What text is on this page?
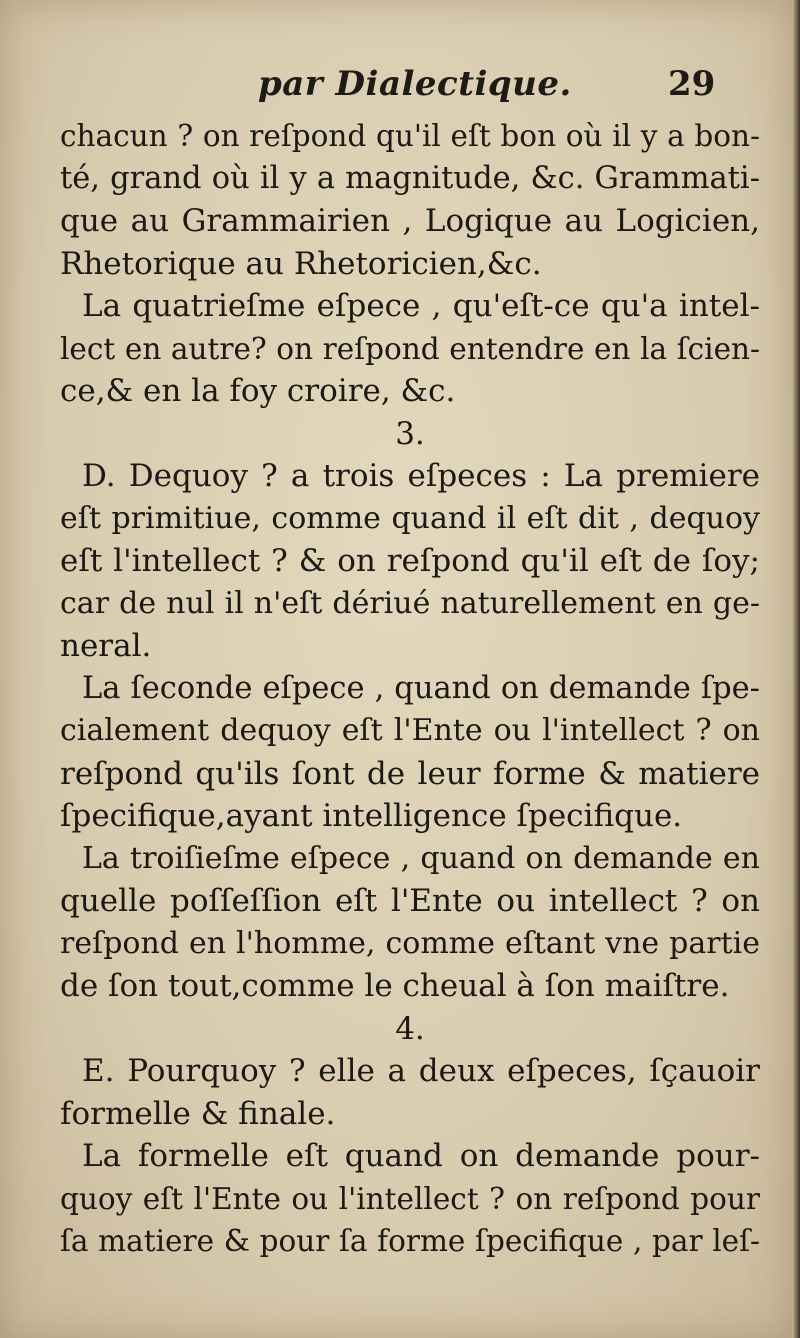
par Dialectique.	29
chacun ? on reſpond qu'il eſt bon où il y a bon-
té, grand où il y a magnitude, &c. Grammati-
que au Grammairien , Logique au Logicien,
Rhetorique au Rhetoricien,&c.
La quatrieſme eſpece , qu'eſt-ce qu'a intel-
lect en autre? on reſpond entendre en la ſcien-
ce,& en la foy croire, &c.
3.
D. Dequoy ? a trois eſpeces : La premiere
eſt primitiue, comme quand il eſt dit , dequoy
eſt l'intellect ? & on reſpond qu'il eſt de ſoy;
car de nul il n'eſt dériué naturellement en ge-
neral.
La ſeconde eſpece , quand on demande ſpe-
cialement dequoy eſt l'Ente ou l'intellect ? on
reſpond qu'ils ſont de leur forme & matiere
ſpecifique,ayant intelligence ſpecifique.
La troiſieſme eſpece , quand on demande en
quelle poſſeſſion eſt l'Ente ou intellect ? on
reſpond en l'homme, comme eſtant vne partie
de ſon tout,comme le cheual à ſon maiſtre.
4.
E. Pourquoy ? elle a deux eſpeces, ſçauoir
formelle & finale.
La formelle eſt quand on demande pour-
quoy eſt l'Ente ou l'intellect ? on reſpond pour
ſa matiere & pour ſa forme ſpecifique , par leſ-
